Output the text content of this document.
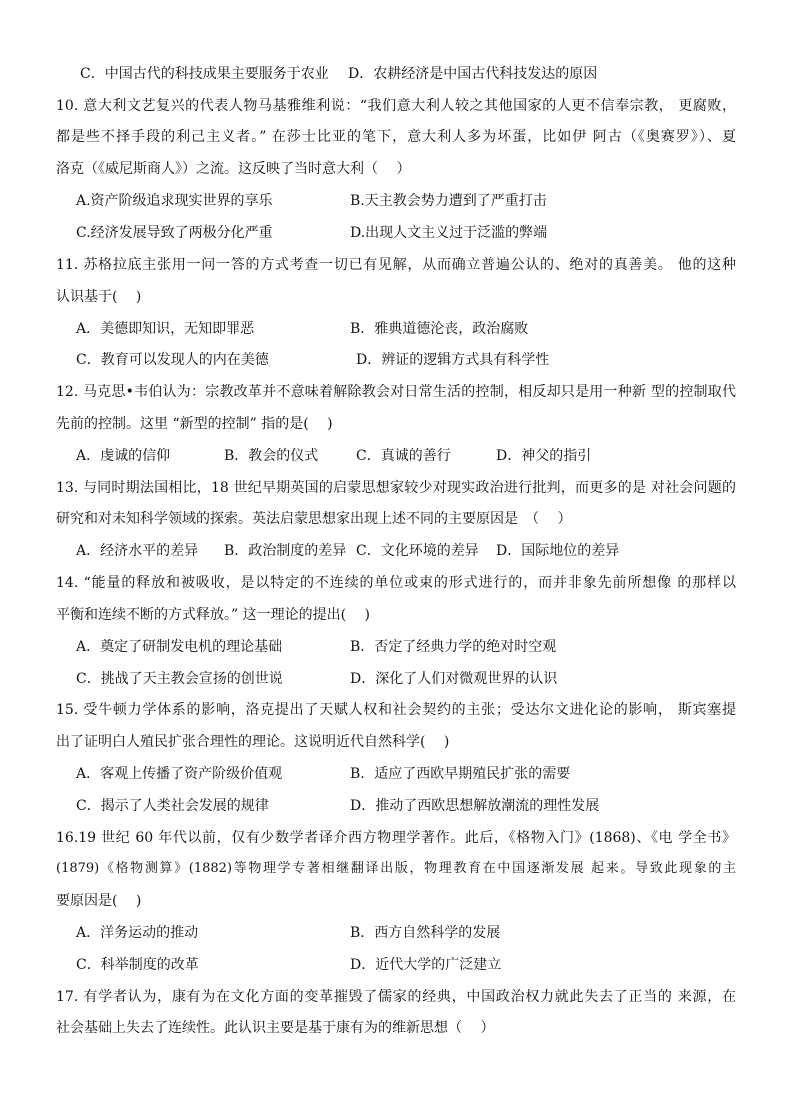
C．中国古代的科技成果主要服务于农业 D．农耕经济是中国古代科技发达的原因
10. 意大利文艺复兴的代表人物马基雅维利说：“我们意大利人较之其他国家的人更不信奉宗教， 更腐败，
都是些不择手段的利己主义者。” 在莎士比亚的笔下，意大利人多为坏蛋，比如伊 阿古（《奥赛罗》）、夏
洛克（《威尼斯商人》）之流。这反映了当时意大利（　 ）
A.资产阶级追求现实世界的享乐	B.天主教会势力遭到了严重打击
C.经济发展导致了两极分化严重	D.出现人文主义过于泛滥的弊端
11. 苏格拉底主张用一问一答的方式考查一切已有见解，从而确立普遍公认的、绝对的真善美。 他的这种
认识基于(　 )
A．美德即知识，无知即罪恶	B．雅典道德沦丧，政治腐败
C．教育可以发现人的内在美德	D．辨证的逻辑方式具有科学性
12. 马克思•韦伯认为：宗教改革并不意味着解除教会对日常生活的控制，相反却只是用一种新 型的控制取代
先前的控制。这里 “新型的控制” 指的是(　 )
A．虔诚的信仰	B．教会的仪式	C．真诚的善行	D．神父的指引
13. 与同时期法国相比，18 世纪早期英国的启蒙思想家较少对现实政治进行批判，而更多的是 对社会问题的
研究和对未知科学领域的探索。英法启蒙思想家出现上述不同的主要原因是　（　 ）
A．经济水平的差异 B．政治制度的差异 C．文化环境的差异 D．国际地位的差异
14. “能量的释放和被吸收，是以特定的不连续的单位或束的形式进行的，而并非象先前所想像 的那样以
平衡和连续不断的方式释放。” 这一理论的提出(　 )
A．奠定了研制发电机的理论基础	B．否定了经典力学的绝对时空观
C．挑战了天主教会宣扬的创世说	D．深化了人们对微观世界的认识
15. 受牛顿力学体系的影响，洛克提出了天赋人权和社会契约的主张；受达尔文进化论的影响， 斯宾塞提
出了证明白人殖民扩张合理性的理论。这说明近代自然科学(　 )
A．客观上传播了资产阶级价值观	B．适应了西欧早期殖民扩张的需要
C．揭示了人类社会发展的规律	D．推动了西欧思想解放潮流的理性发展
16.19 世纪 60 年代以前，仅有少数学者译介西方物理学著作。此后，《格物入门》(1868)、《电 学全书》
(1879)《格物测算》(1882)等物理学专著相继翻译出版，物理教育在中国逐渐发展 起来。导致此现象的主
要原因是(　 )
A．洋务运动的推动	B．西方自然科学的发展
C．科举制度的改革	D．近代大学的广泛建立
17. 有学者认为，康有为在文化方面的变革摧毁了儒家的经典，中国政治权力就此失去了正当的 来源，在
社会基础上失去了连续性。此认识主要是基于康有为的维新思想（　 ）
